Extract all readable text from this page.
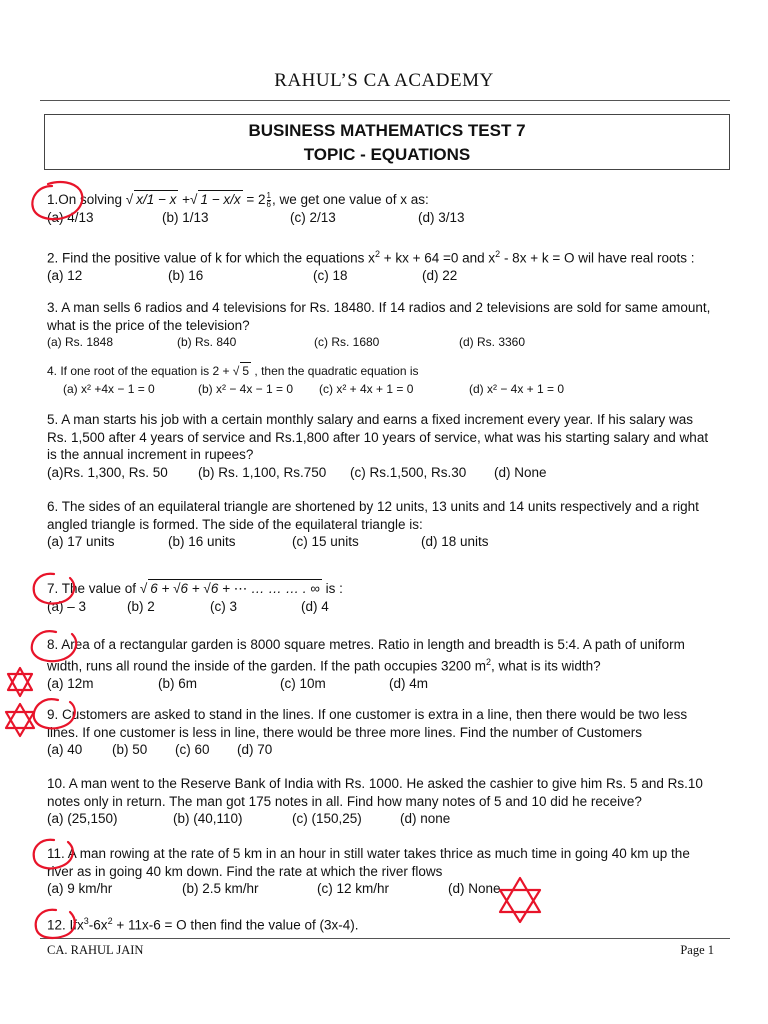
RAHUL’S CA ACADEMY
BUSINESS MATHEMATICS TEST 7
TOPIC - EQUATIONS
1.On solving √ x/1 − x +√ $1 - x/x = 2 \frac{1}{6}$ , we get one value of x as:
(a) 4/13	(b) 1/13	(c) 2/13	(d) 3/13
2. Find the positive value of k for which the equations $x^2$ + kx + 64 =0 and $x^2 - 8x + k = O$ wil have real roots :
(a) 12	(b) 16	(c) 18	(d) 22
3. A man sells 6 radios and 4 televisions for Rs. 18480. If 14 radios and 2 televisions are sold for same amount,
what is the price of the television?
(a) Rs. 1848	(b) Rs. 840	(c) Rs. 1680	(d) Rs. 3360
4. If one root of the equation is 2 + √ 5 , then the quadratic equation is
(a) x² +4x − 1 = 0	(b) x² − 4x − 1 = 0 (c) x² + 4x + 1 = 0	(d) x² − 4x + 1 = 0
5. A man starts his job with a certain monthly salary and earns a fixed increment every year. If his salary was
Rs. 1,500 after 4 years of service and Rs.1,800 after 10 years of service, what was his starting salary and what
is the annual increment in rupees?
(a)Rs. 1,300, Rs. 50 (b) Rs. 1,100, Rs.750 (c) Rs.1,500, Rs.30 (d) None
6. The sides of an equilateral triangle are shortened by 12 units, 13 units and 14 units respectively and a right
angled triangle is formed. The side of the equilateral triangle is:
(a) 17 units	(b) 16 units	(c) 15 units	(d) 18 units
7. The value of √ 6 + √6 + √6 + ⋯ … … … . ∞ is :
(a) – 3	(b) 2	(c) 3	(d) 4
8. Area of a rectangular garden is 8000 square metres. Ratio in length and breadth is 5:4. A path of uniform
width, runs all round the inside of the garden. If the path occupies 3200 $m^2$, what is its width?
(a) 12m	(b) 6m	(c) 10m	(d) 4m
9. Customers are asked to stand in the lines. If one customer is extra in a line, then there would be two less
lines. If one customer is less in line, there would be three more lines. Find the number of Customers
(a) 40 (b) 50 (c) 60 (d) 70
10. A man went to the Reserve Bank of India with Rs. 1000. He asked the cashier to give him Rs. 5 and Rs.10
notes only in return. The man got 175 notes in all. Find how many notes of 5 and 10 did he receive?
(a) (25,150)	(b) (40,110)	(c) (150,25)	(d) none
11. A man rowing at the rate of 5 km in an hour in still water takes thrice as much time in going 40 km up the
river as in going 40 km down. Find the rate at which the river flows
(a) 9 km/hr	(b) 2.5 km/hr	(c) 12 km/hr	(d) None
12. $Ifx^3-6x^2 + 11x-6 = O$ then find the value of (3x-4).
CA. RAHUL JAIN	Page 1
